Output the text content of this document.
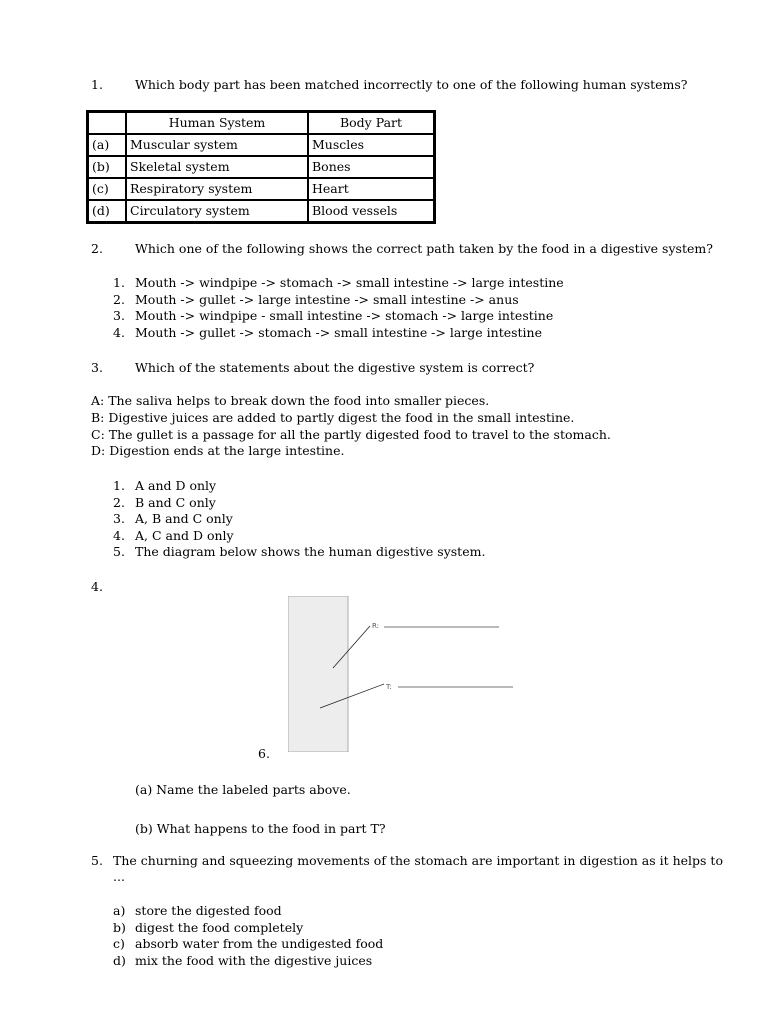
1.	Which body part has been matched incorrectly to one of the following human systems?
	Human System	Body Part
(a)	Muscular system	Muscles
(b)	Skeletal system	Bones
(c)	Respiratory system	Heart
(d)	Circulatory system	Blood vessels
2.	Which one of the following shows the correct path taken by the food in a digestive system?
1. Mouth -> windpipe -> stomach -> small intestine -> large intestine
2. Mouth -> gullet -> large intestine -> small intestine -> anus
3. Mouth -> windpipe - small intestine -> stomach -> large intestine
4. Mouth -> gullet -> stomach -> small intestine -> large intestine
3.	Which of the statements about the digestive system is correct?
A: The saliva helps to break down the food into smaller pieces.
B: Digestive juices are added to partly digest the food in the small intestine.
C: The gullet is a passage for all the partly digested food to travel to the stomach.
D: Digestion ends at the large intestine.
1. A and D only
2. B and C only
3. A, B and C only
4. A, C and D only
5. The diagram below shows the human digestive system.
4.
R:
T:
6.
(a) Name the labeled parts above.
(b) What happens to the food in part T?
5. The churning and squeezing movements of the stomach are important in digestion as it helps to
...
a) store the digested food
b) digest the food completely
c) absorb water from the undigested food
d) mix the food with the digestive juices
